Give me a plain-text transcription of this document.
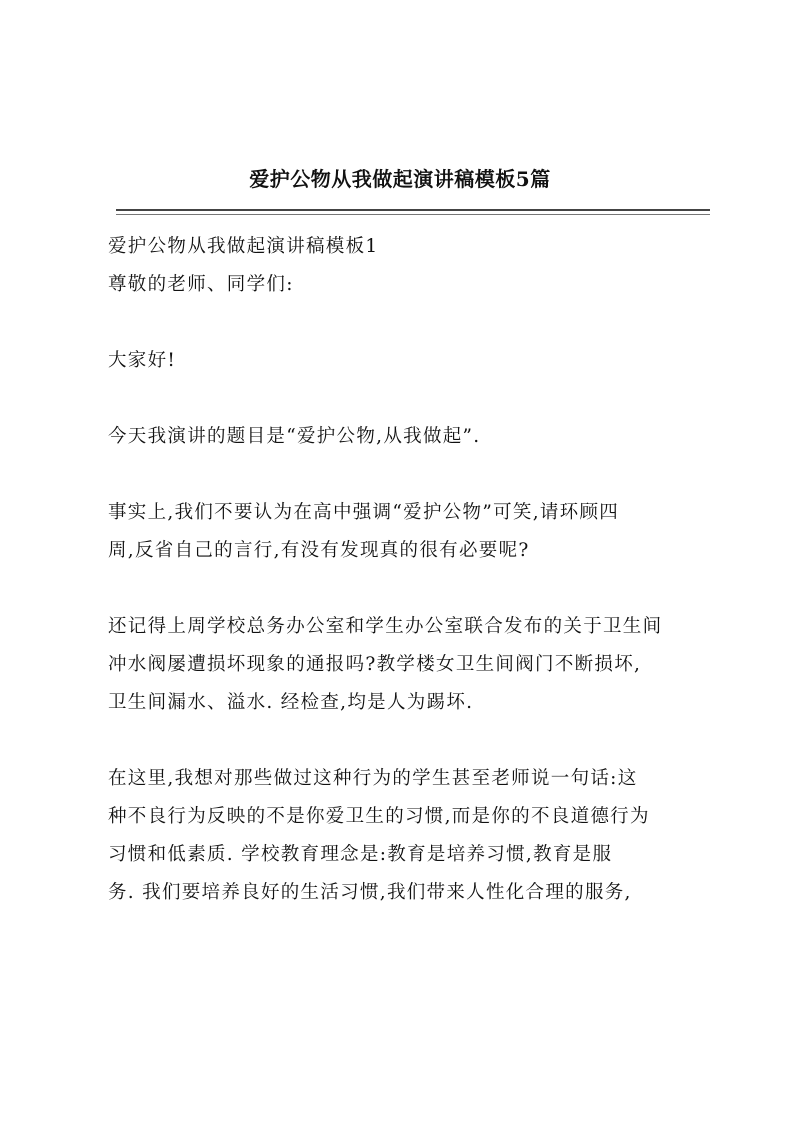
爱护公物从我做起演讲稿模板5篇
爱护公物从我做起演讲稿模板1
尊敬的老师、同学们:
大家好!
今天我演讲的题目是“爱护公物,从我做起”.
事实上,我们不要认为在高中强调“爱护公物”可笑,请环顾四
周,反省自己的言行,有没有发现真的很有必要呢?
还记得上周学校总务办公室和学生办公室联合发布的关于卫生间
冲水阀屡遭损坏现象的通报吗?教学楼女卫生间阀门不断损坏,
卫生间漏水、溢水. 经检查,均是人为踢坏.
在这里,我想对那些做过这种行为的学生甚至老师说一句话:这
种不良行为反映的不是你爱卫生的习惯,而是你的不良道德行为
习惯和低素质. 学校教育理念是:教育是培养习惯,教育是服
务. 我们要培养良好的生活习惯,我们带来人性化合理的服务,
